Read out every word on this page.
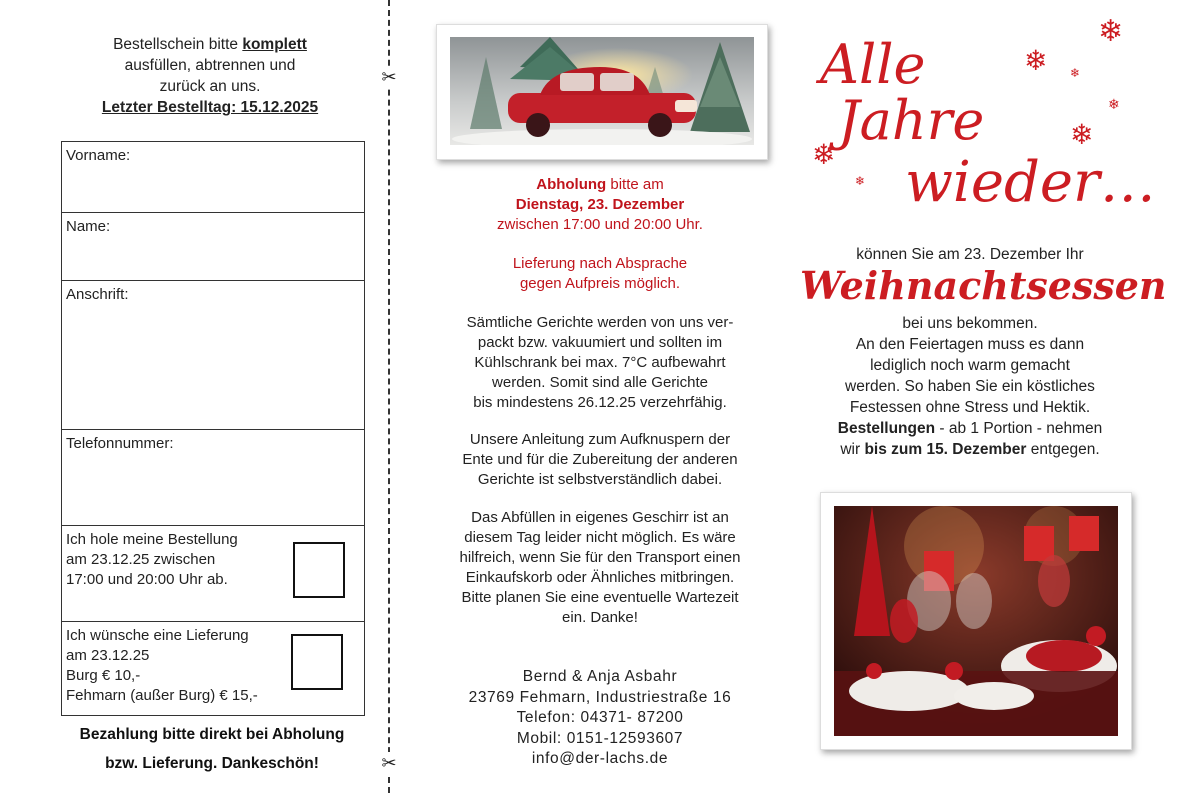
Bestellschein bitte komplett
ausfüllen, abtrennen und
zurück an uns.
Letzter Bestelltag: 15.12.2025
Vorname:
Name:
Anschrift:
Telefonnummer:
Ich hole meine Bestellung
am 23.12.25 zwischen
17:00 und 20:00 Uhr ab.
Ich wünsche eine Lieferung
am 23.12.25
Burg € 10,-
Fehmarn (außer Burg) € 15,-
Bezahlung bitte direkt bei Abholung
bzw. Lieferung. Dankeschön!
✂
✂
Abholung bitte am
Dienstag, 23. Dezember
zwischen 17:00 und 20:00 Uhr.
Lieferung nach Absprache
gegen Aufpreis möglich.
Sämtliche Gerichte werden von uns ver-
packt bzw. vakuumiert und sollten im
Kühlschrank bei max. 7°C aufbewahrt
werden. Somit sind alle Gerichte
bis mindestens 26.12.25 verzehrfähig.
Unsere Anleitung zum Aufknuspern der
Ente und für die Zubereitung der anderen
Gerichte ist selbstverständlich dabei.
Das Abfüllen in eigenes Geschirr ist an
diesem Tag leider nicht möglich. Es wäre
hilfreich, wenn Sie für den Transport einen
Einkaufskorb oder Ähnliches mitbringen.
Bitte planen Sie eine eventuelle Wartezeit
ein. Danke!
Bernd & Anja Asbahr
23769 Fehmarn, Industriestraße 16
Telefon: 04371- 87200
Mobil: 0151-12593607
info@der-lachs.de
Alle
Jahre
wieder…
❄
❄ ❄
❄
❄
❄
❄
können Sie am 23. Dezember Ihr
Weihnachtsessen
bei uns bekommen.
An den Feiertagen muss es dann
lediglich noch warm gemacht
werden. So haben Sie ein köstliches
Festessen ohne Stress und Hektik.
Bestellungen - ab 1 Portion - nehmen
wir bis zum 15. Dezember entgegen.
